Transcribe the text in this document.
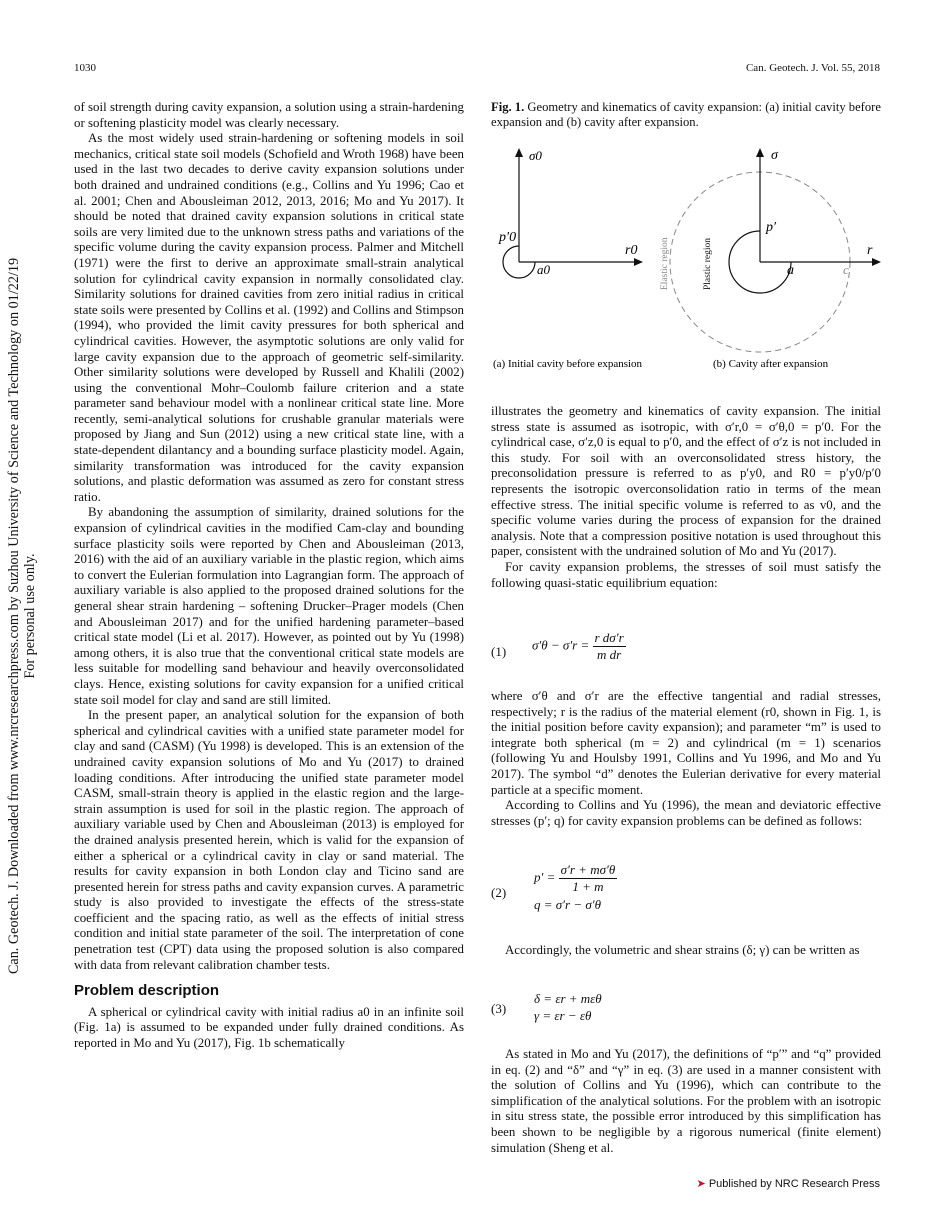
1030	Can. Geotech. J. Vol. 55, 2018
Can. Geotech. J. Downloaded from www.nrcresearchpress.com by Suzhou University of Science and Technology on 01/22/19 For personal use only.

of soil strength during cavity expansion, a solution using a strain-hardening or softening plasticity model was clearly necessary.

As the most widely used strain-hardening or softening models in soil mechanics, critical state soil models (Schofield and Wroth 1968) have been used in the last two decades to derive cavity expansion solutions under both drained and undrained conditions (e.g., Collins and Yu 1996; Cao et al. 2001; Chen and Abousleiman 2012, 2013, 2016; Mo and Yu 2017). It should be noted that drained cavity expansion solutions in critical state soils are very limited due to the unknown stress paths and variations of the specific volume during the cavity expansion process. Palmer and Mitchell (1971) were the first to derive an approximate small-strain analytical solution for cylindrical cavity expansion in normally consolidated clay. Similarity solutions for drained cavities from zero initial radius in critical state soils were presented by Collins et al. (1992) and Collins and Stimpson (1994), who provided the limit cavity pressures for both spherical and cylindrical cavities. However, the asymptotic solutions are only valid for large cavity expansion due to the approach of geometric self-similarity. Other similarity solutions were developed by Russell and Khalili (2002) using the conventional Mohr–Coulomb failure criterion and a state parameter sand behaviour model with a nonlinear critical state line. More recently, semi-analytical solutions for crushable granular materials were proposed by Jiang and Sun (2012) using a new critical state line, with a state-dependent dilantancy and a bounding surface plasticity model. Again, similarity transformation was introduced for the cavity expansion solutions, and plastic deformation was assumed as zero for constant stress ratio.

By abandoning the assumption of similarity, drained solutions for the expansion of cylindrical cavities in the modified Cam-clay and bounding surface plasticity soils were reported by Chen and Abousleiman (2013, 2016) with the aid of an auxiliary variable in the plastic region, which aims to convert the Eulerian formulation into Lagrangian form. The approach of auxiliary variable is also applied to the proposed drained solutions for the general shear strain hardening – softening Drucker–Prager models (Chen and Abousleiman 2017) and for the unified hardening parameter–based critical state model (Li et al. 2017). However, as pointed out by Yu (1998) among others, it is also true that the conventional critical state models are less suitable for modelling sand behaviour and heavily overconsolidated clays. Hence, existing solutions for cavity expansion for a unified critical state soil model for clay and sand are still limited.

In the present paper, an analytical solution for the expansion of both spherical and cylindrical cavities with a unified state parameter model for clay and sand (CASM) (Yu 1998) is developed. This is an extension of the undrained cavity expansion solutions of Mo and Yu (2017) to drained loading conditions. After introducing the unified state parameter model CASM, small-strain theory is applied in the elastic region and the large-strain assumption is used for soil in the plastic region. The approach of auxiliary variable used by Chen and Abousleiman (2013) is employed for the drained analysis presented herein, which is valid for the expansion of either a spherical or a cylindrical cavity in clay or sand material. The results for cavity expansion in both London clay and Ticino sand are presented herein for stress paths and cavity expansion curves. A parametric study is also provided to investigate the effects of the stress-state coefficient and the spacing ratio, as well as the effects of initial stress condition and initial state parameter of the soil. The interpretation of cone penetration test (CPT) data using the proposed solution is also compared with data from relevant calibration chamber tests.

Problem description

A spherical or cylindrical cavity with initial radius a0 in an infinite soil (Fig. 1a) is assumed to be expanded under fully drained conditions. As reported in Mo and Yu (2017), Fig. 1b schematically

Fig. 1. Geometry and kinematics of cavity expansion: (a) initial cavity before expansion and (b) cavity after expansion.
σ0
r0
p′0
a0
(a) Initial cavity before expansion
σ
r
p′
a	c
Elastic region	Plastic region
(b) Cavity after expansion

illustrates the geometry and kinematics of cavity expansion. The initial stress state is assumed as isotropic, with σ′r,0 = σ′θ,0 = p′0. For the cylindrical case, σ′z,0 is equal to p′0, and the effect of σ′z is not included in this study. For soil with an overconsolidated stress history, the preconsolidation pressure is referred to as p′y0, and R0 = p′y0/p′0 represents the isotropic overconsolidation ratio in terms of the mean effective stress. The initial specific volume is referred to as v0, and the specific volume varies during the process of expansion for the drained analysis. Note that a compression positive notation is used throughout this paper, consistent with the undrained solution of Mo and Yu (2017).

For cavity expansion problems, the stresses of soil must satisfy the following quasi-static equilibrium equation:

(1) $\sigma'\theta - \sigma'r = \frac{\text{r dσ′r}}{\text{m dr}}$

where σ′θ and σ′r are the effective tangential and radial stresses, respectively; r is the radius of the material element (r0, shown in Fig. 1, is the initial position before cavity expansion); and parameter “m” is used to integrate both spherical (m = 2) and cylindrical (m = 1) scenarios (following Yu and Houlsby 1991, Collins and Yu 1996, and Mo and Yu 2017). The symbol “d” denotes the Eulerian derivative for every material particle at a specific moment.

According to Collins and Yu (1996), the mean and deviatoric effective stresses (p′; q) for cavity expansion problems can be defined as follows:

(2)
$p' = \frac{\sigma'r + m\sigma'\theta}{1 + m}$
q = σ′r − σ′θ

Accordingly, the volumetric and shear strains (δ; γ) can be written as

(3)
δ = εr + mεθ
γ = εr − εθ

As stated in Mo and Yu (2017), the definitions of “p′” and “q” provided in eq. (2) and “δ” and “γ” in eq. (3) are used in a manner consistent with the solution of Collins and Yu (1996), which can contribute to the simplification of the analytical solutions. For the problem with an isotropic in situ stress state, the possible error introduced by this simplification has been shown to be negligible by a rigorous numerical (finite element) simulation (Sheng et al.

➤ Published by NRC Research Press
